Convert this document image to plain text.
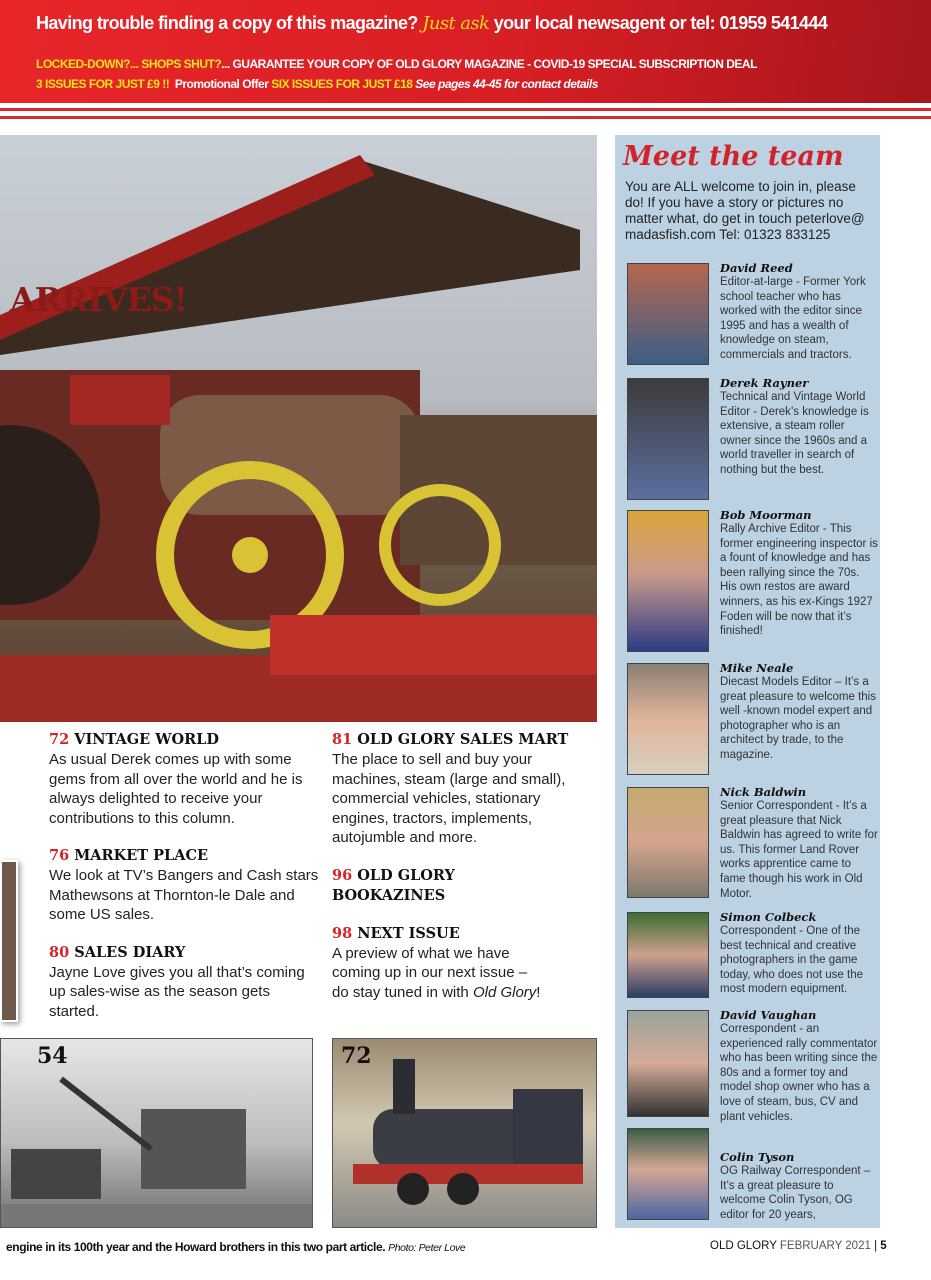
Having trouble finding a copy of this magazine? Just ask your local newsagent or tel: 01959 541444
LOCKED-DOWN?... SHOPS SHUT?... GUARANTEE YOUR COPY OF OLD GLORY MAGAZINE - COVID-19 SPECIAL SUBSCRIPTION DEAL
3 ISSUES FOR JUST £9 !! Promotional Offer SIX ISSUES FOR JUST £18 See pages 44-45 for contact details
ARRIVES!
72 VINTAGE WORLD

As usual Derek comes up with some gems from all over the world and he is always delighted to receive your contributions to this column.

76 MARKET PLACE

We look at TV’s Bangers and Cash stars Mathewsons at Thornton-le Dale and some US sales.

80 SALES DIARY

Jayne Love gives you all that’s coming up sales-wise as the season gets started.

81 OLD GLORY SALES MART

The place to sell and buy your machines, steam (large and small), commercial vehicles, stationary engines, tractors, implements, autojumble and more.

96 OLD GLORY BOOKAZINES
98 NEXT ISSUE

A preview of what we have coming up in our next issue – do stay tuned in with Old Glory!

54	72
Meet the team
You are ALL welcome to join in, please do! If you have a story or pictures no matter what, do get in touch peterlove@ madasfish.com Tel: 01323 833125
David Reed
Editor-at-large - Former York school teacher who has worked with the editor since 1995 and has a wealth of knowledge on steam, commercials and tractors.
Derek Rayner
Technical and Vintage World Editor - Derek’s knowledge is extensive, a steam roller owner since the 1960s and a world traveller in search of nothing but the best.
Bob Moorman
Rally Archive Editor - This former engineering inspector is a fount of knowledge and has been rallying since the 70s. His own restos are award winners, as his ex-Kings 1927 Foden will be now that it’s finished!
Mike Neale
Diecast Models Editor – It’s a great pleasure to welcome this well -known model expert and photographer who is an architect by trade, to the magazine.
Nick Baldwin
Senior Correspondent - It’s a great pleasure that Nick Baldwin has agreed to write for us. This former Land Rover works apprentice came to fame though his work in Old Motor.
Simon Colbeck
Correspondent - One of the best technical and creative photographers in the game today, who does not use the most modern equipment.
David Vaughan
Correspondent - an experienced rally commentator who has been writing since the 80s and a former toy and model shop owner who has a love of steam, bus, CV and plant vehicles.
Colin Tyson
OG Railway Correspondent – It’s a great pleasure to welcome Colin Tyson, OG editor for 20 years,
engine in its 100th year and the Howard brothers in this two part article. Photo: Peter Love	OLD GLORY FEBRUARY 2021 | 5
